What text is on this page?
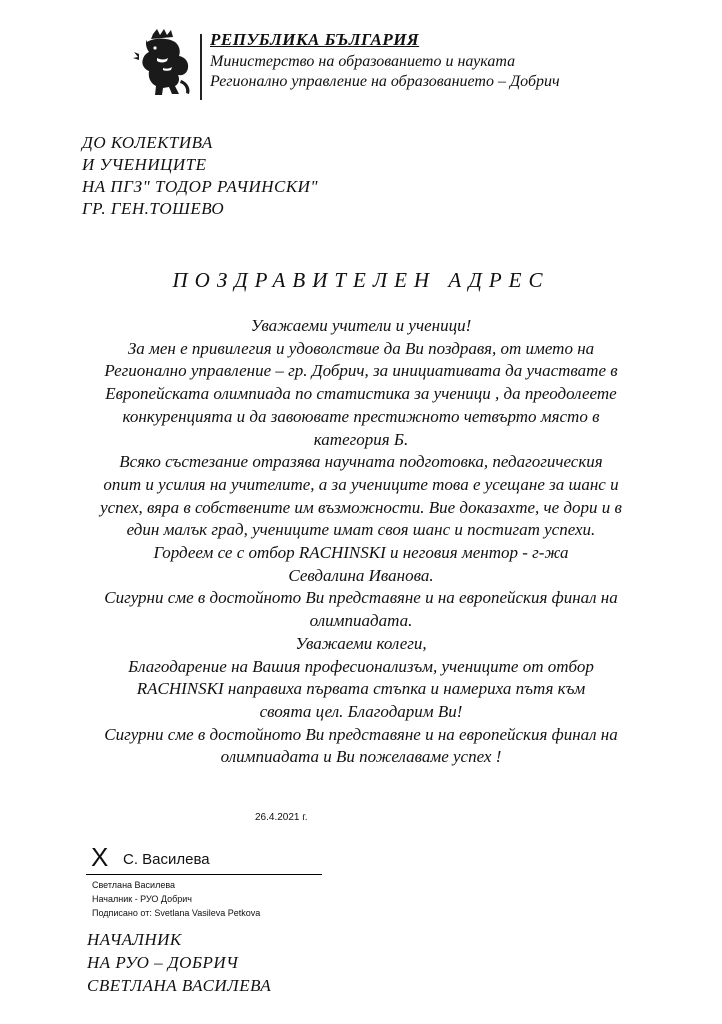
РЕПУБЛИКА БЪЛГАРИЯ
Министерство на образованието и науката
Регионално управление на образованието – Добрич
ДО КОЛЕКТИВА
И УЧЕНИЦИТЕ
НА ПГЗ" ТОДОР РАЧИНСКИ"
ГР. ГЕН.ТОШЕВО
ПОЗДРАВИТЕЛЕН АДРЕС
Уважаеми учители и ученици!
За мен е привилегия и удоволствие да Ви поздравя, от името на
Регионално управление – гр. Добрич, за инициативата да участвате в
Европейската олимпиада по статистика за ученици , да преодолеете
конкуренцията и да завоювате престижното четвърто място в
категория Б.
Всяко състезание отразява научната подготовка, педагогическия
опит и усилия на учителите, а за учениците това е усещане за шанс и
успех, вяра в собствените им възможности. Вие доказахте, че дори и в
един малък град, учениците имат своя шанс и постигат успехи.
Гордеем се с отбор RACHINSKI и неговия ментор - г-жа
Севдалина Иванова.
Сигурни сме в достойното Ви представяне и на европейския финал на
олимпиадата.
Уважаеми колеги,
Благодарение на Вашия професионализъм, учениците от отбор
RACHINSKI направиха първата стъпка и намериха пътя към
своята цел. Благодарим Ви!
Сигурни сме в достойното Ви представяне и на европейския финал на
олимпиадата и Ви пожелаваме успех !
26.4.2021 г.
X С. Василева
Светлана Василева
Началник - РУО Добрич
Подписано от: Svetlana Vasileva Petkova
НАЧАЛНИК
НА РУО – ДОБРИЧ
СВЕТЛАНА ВАСИЛЕВА
